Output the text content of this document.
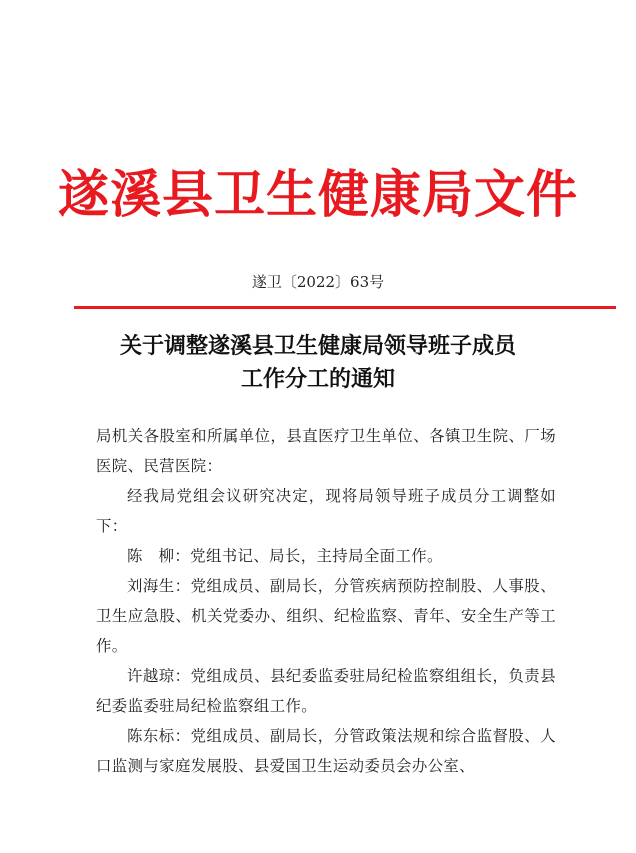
遂溪县卫生健康局文件
遂卫〔2022〕63号
关于调整遂溪县卫生健康局领导班子成员
工作分工的通知

局机关各股室和所属单位，县直医疗卫生单位、各镇卫生院、厂场医院、民营医院：

经我局党组会议研究决定，现将局领导班子成员分工调整如下：

陈　柳：党组书记、局长，主持局全面工作。

刘海生：党组成员、副局长，分管疾病预防控制股、人事股、卫生应急股、机关党委办、组织、纪检监察、青年、安全生产等工作。

许越琼：党组成员、县纪委监委驻局纪检监察组组长，负责县纪委监委驻局纪检监察组工作。

陈东标：党组成员、副局长，分管政策法规和综合监督股、人口监测与家庭发展股、县爱国卫生运动委员会办公室、
